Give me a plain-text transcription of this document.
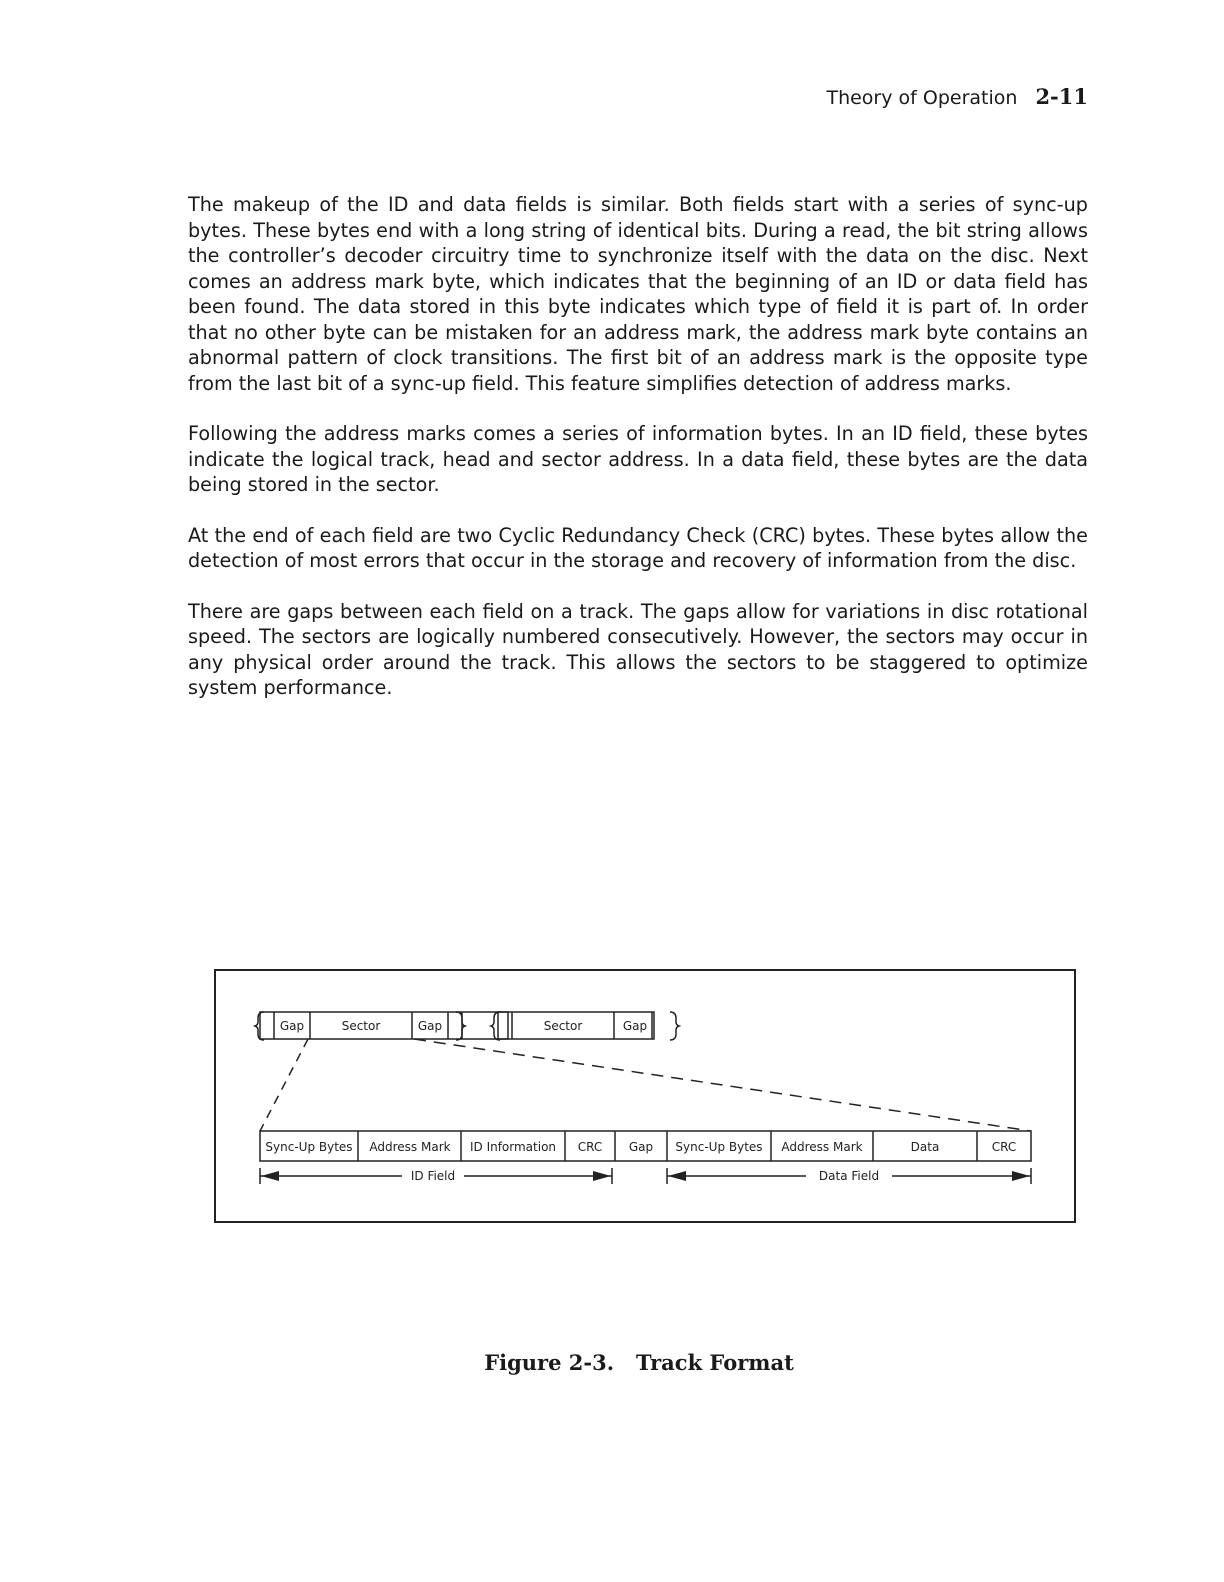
Theory of Operation 2-11

The makeup of the ID and data fields is similar. Both fields start with a series of sync-up bytes. These bytes end with a long string of identical bits. During a read, the bit string allows the controller’s decoder circuitry time to synchronize itself with the data on the disc. Next comes an address mark byte, which indicates that the beginning of an ID or data field has been found. The data stored in this byte indicates which type of field it is part of. In order that no other byte can be mistaken for an address mark, the address mark byte contains an abnormal pattern of clock transitions. The first bit of an address mark is the opposite type from the last bit of a sync-up field. This feature simplifies detection of address marks.

Following the address marks comes a series of information bytes. In an ID field, these bytes indicate the logical track, head and sector address. In a data field, these bytes are the data being stored in the sector.

At the end of each field are two Cyclic Redundancy Check (CRC) bytes. These bytes allow the detection of most errors that occur in the storage and recovery of information from the disc.

There are gaps between each field on a track. The gaps allow for variations in disc rotational speed. The sectors are logically numbered consecutively. However, the sectors may occur in any physical order around the track. This allows the sectors to be staggered to optimize system performance.

Gap	Sector	Gap	Sector	Gap
Sync-Up Bytes Address Mark ID Information CRC Gap Sync-Up Bytes Address Mark	Data	CRC
ID Field	Data Field
Figure 2-3. Track Format
